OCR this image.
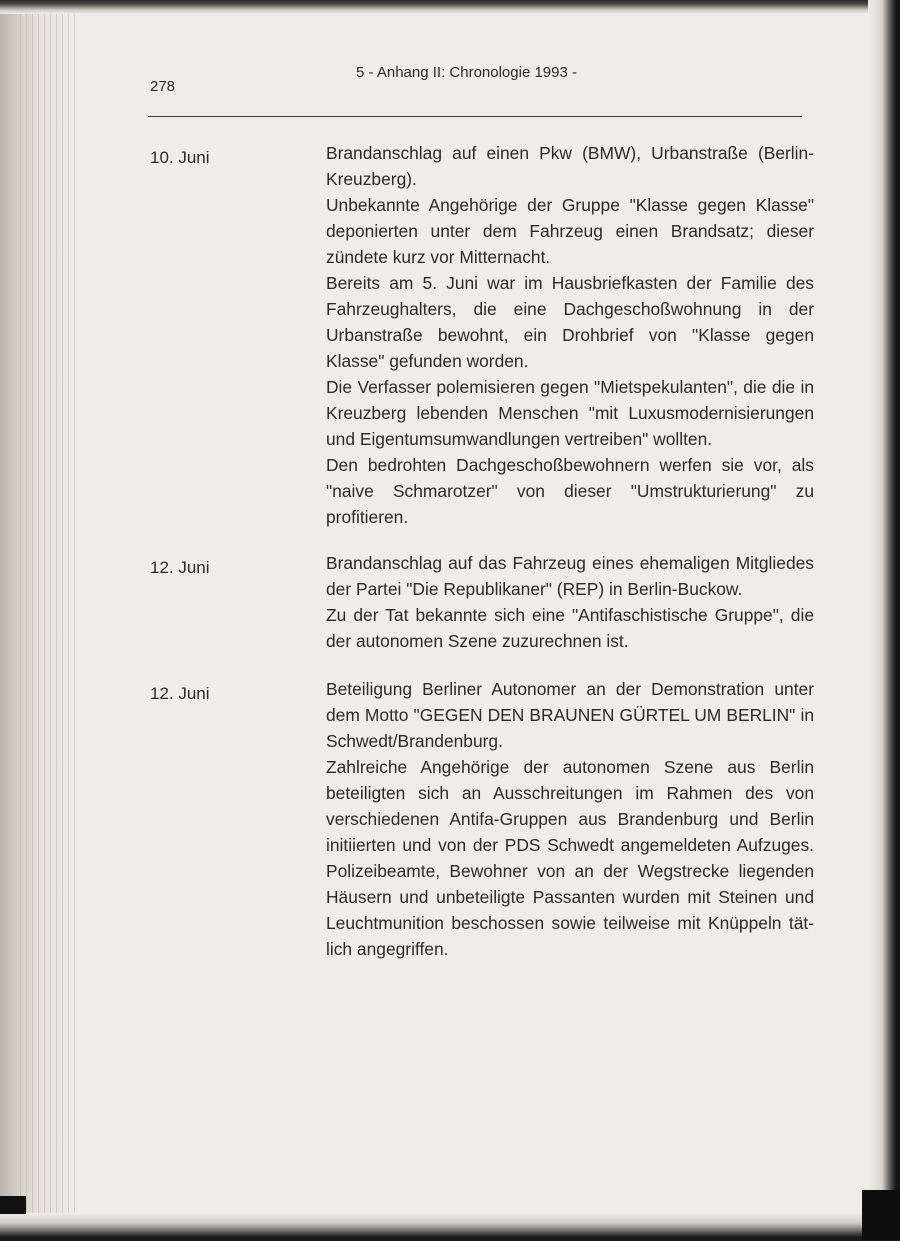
278
5 - Anhang II: Chronologie 1993 -
10. Juni	Brandanschlag auf einen Pkw (BMW), Urbanstraße (Berlin-Kreuzberg).

Unbekannte Angehörige der Gruppe "Klasse gegen Klasse" deponierten unter dem Fahrzeug einen Brandsatz; dieser zündete kurz vor Mitternacht.

Bereits am 5. Juni war im Hausbriefkasten der Familie des Fahrzeughalters, die eine Dachgeschoßwohnung in der Urbanstraße bewohnt, ein Drohbrief von "Klasse gegen Klasse" gefunden worden.

Die Verfasser polemisieren gegen "Mietspekulanten", die die in Kreuzberg lebenden Menschen "mit Luxusmodernisierungen und Eigentumsumwandlungen vertreiben" wollten.

Den bedrohten Dachgeschoßbewohnern werfen sie vor, als "naive Schmarotzer" von dieser "Umstrukturierung" zu profitieren.

12. Juni	Brandanschlag auf das Fahrzeug eines ehemaligen Mitgliedes der Partei "Die Republikaner" (REP) in Berlin-Buckow.

Zu der Tat bekannte sich eine "Antifaschistische Gruppe", die der autonomen Szene zuzurechnen ist.

12. Juni	Beteiligung Berliner Autonomer an der Demonstration unter dem Motto "GEGEN DEN BRAUNEN GÜRTEL UM BERLIN" in Schwedt/Brandenburg.

Zahlreiche Angehörige der autonomen Szene aus Berlin beteiligten sich an Ausschreitungen im Rahmen des von verschiedenen Antifa-Gruppen aus Brandenburg und Berlin initiierten und von der PDS Schwedt angemeldeten Aufzuges. Polizeibeamte, Bewohner von an der Wegstrecke liegenden Häusern und unbeteiligte Passanten wurden mit Steinen und Leuchtmunition beschossen sowie teilweise mit Knüppeln tätlich angegriffen.
